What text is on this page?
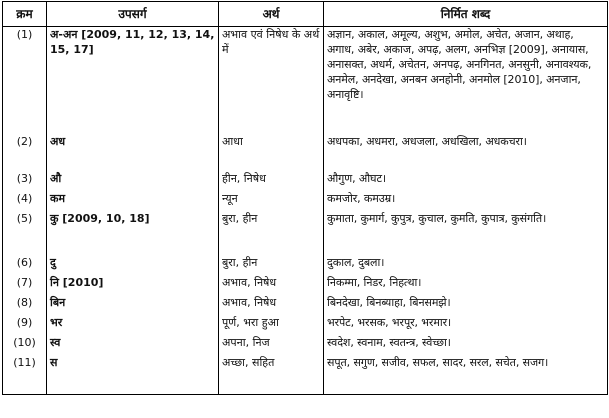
क्रम	उपसर्ग	अर्थ	निर्मित शब्द
(1)	अ-अन [2009, 11, 12, 13, 14, 15, 17]	अभाव एवं निषेध के अर्थ में	अज्ञान, अकाल, अमूल्य, अशुभ, अमोल, अचेत, अजान, अथाह, अगाध, अबेर, अकाज, अपढ़, अलग, अनभिज्ञ [2009], अनायास, अनासक्त, अधर्म, अचेतन, अनपढ़, अनगिनत, अनसुनी, अनावश्यक, अनमेल, अनदेखा, अनबन अनहोनी, अनमोल [2010], अनजान, अनावृष्टि।
(2)	अध	आधा	अधपका, अधमरा, अधजला, अधखिला, अधकचरा।
(3)	औ	हीन, निषेध	औगुण, औघट।
(4)	कम	न्यून	कमजोर, कमउम्र।
(5)	कु [2009, 10, 18]	बुरा, हीन	कुमाता, कुमार्ग, कुपुत्र, कुचाल, कुमति, कुपात्र, कुसंगति।
(6)	दु	बुरा, हीन	दुकाल, दुबला।
(7)	नि [2010]	अभाव, निषेध	निकम्मा, निडर, निहत्था।
(8)	बिन	अभाव, निषेध	बिनदेखा, बिनब्याहा, बिनसमझे।
(9)	भर	पूर्ण, भरा हुआ	भरपेट, भरसक, भरपूर, भरमार।
(10)	स्व	अपना, निज	स्वदेश, स्वनाम, स्वतन्त्र, स्वेच्छा।
(11)	स	अच्छा, सहित	सपूत, सगुण, सजीव, सफल, सादर, सरल, सचेत, सजग।
